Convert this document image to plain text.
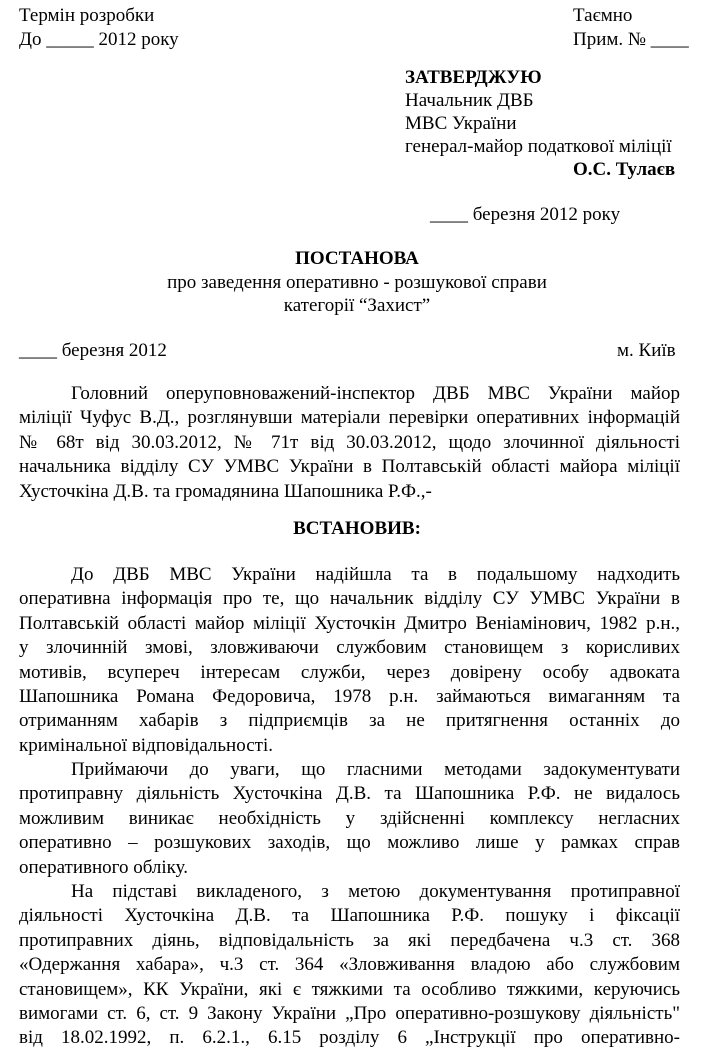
Термін розробки
До _____ 2012 року
Таємно
Прим. № ____
ЗАТВЕРДЖУЮ
Начальник ДВБ
МВС України
генерал-майор податкової міліції
О.С. Тулаєв
____ березня 2012 року
ПОСТАНОВА
про заведення оперативно - розшукової справи
категорії “Захист”
____ березня 2012	м. Київ
Головний оперуповноважений-інспектор ДВБ МВС України майор
міліції Чуфус В.Д., розглянувши матеріали перевірки оперативних інформацій
№ 68т від 30.03.2012, № 71т від 30.03.2012, щодо злочинної діяльності
начальника відділу СУ УМВС України в Полтавській області майора міліції
Хусточкіна Д.В. та громадянина Шапошника Р.Ф.,-
ВСТАНОВИВ:
До ДВБ МВС України надійшла та в подальшому надходить
оперативна інформація про те, що начальник відділу СУ УМВС України в
Полтавській області майор міліції Хусточкін Дмитро Веніамінович, 1982 р.н.,
у злочинній змові, зловживаючи службовим становищем з корисливих
мотивів, всупереч інтересам служби, через довірену особу адвоката
Шапошника Романа Федоровича, 1978 р.н. займаються вимаганням та
отриманням хабарів з підприємців за не притягнення останніх до
кримінальної відповідальності.
Приймаючи до уваги, що гласними методами задокументувати
протиправну діяльність Хусточкіна Д.В. та Шапошника Р.Ф. не видалось
можливим виникає необхідність у здійсненні комплексу негласних
оперативно – розшукових заходів, що можливо лише у рамках справ
оперативного обліку.
На підставі викладеного, з метою документування протиправної
діяльності Хусточкіна Д.В. та Шапошника Р.Ф. пошуку і фіксації
протиправних діянь, відповідальність за які передбачена ч.3 ст. 368
«Одержання хабара», ч.3 ст. 364 «Зловживання владою або службовим
становищем», КК України, які є тяжкими та особливо тяжкими, керуючись
вимогами ст. 6, ст. 9 Закону України „Про оперативно-розшукову діяльність"
від 18.02.1992, п. 6.2.1., 6.15 розділу 6 „Інструкції про оперативно-
